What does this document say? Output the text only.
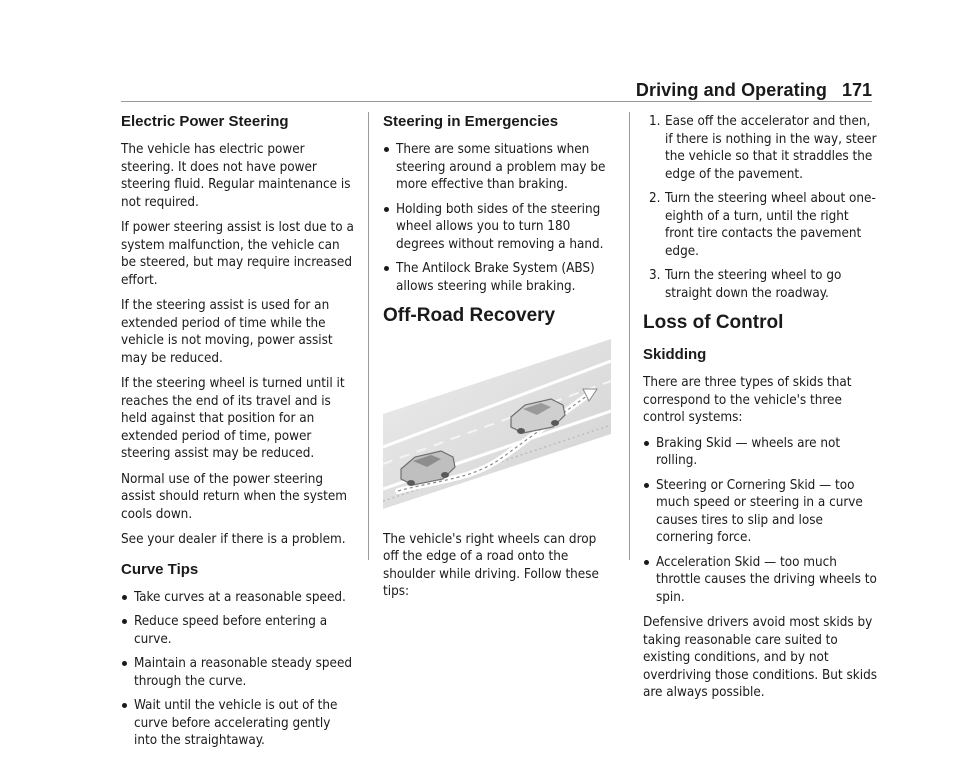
Driving and Operating 171
Electric Power Steering

The vehicle has electric power steering. It does not have power steering fluid. Regular maintenance is not required.

If power steering assist is lost due to a system malfunction, the vehicle can be steered, but may require increased effort.

If the steering assist is used for an extended period of time while the vehicle is not moving, power assist may be reduced.

If the steering wheel is turned until it reaches the end of its travel and is held against that position for an extended period of time, power steering assist may be reduced.

Normal use of the power steering assist should return when the system cools down.

See your dealer if there is a problem.

Curve Tips
Take curves at a reasonable speed.
Reduce speed before entering a curve.
Maintain a reasonable steady speed through the curve.
Wait until the vehicle is out of the curve before accelerating gently into the straightaway.
Steering in Emergencies
There are some situations when steering around a problem may be more effective than braking.
Holding both sides of the steering wheel allows you to turn 180 degrees without removing a hand.
The Antilock Brake System (ABS) allows steering while braking.
Off-Road Recovery

The vehicle's right wheels can drop off the edge of a road onto the shoulder while driving. Follow these tips:

1. Ease off the accelerator and then, if there is nothing in the way, steer the vehicle so that it straddles the edge of the pavement.
2. Turn the steering wheel about one-eighth of a turn, until the right front tire contacts the pavement edge.
3. Turn the steering wheel to go straight down the roadway.
Loss of Control
Skidding

There are three types of skids that correspond to the vehicle's three control systems:

Braking Skid — wheels are not rolling.
Steering or Cornering Skid — too much speed or steering in a curve causes tires to slip and lose cornering force.
Acceleration Skid — too much throttle causes the driving wheels to spin.

Defensive drivers avoid most skids by taking reasonable care suited to existing conditions, and by not overdriving those conditions. But skids are always possible.
